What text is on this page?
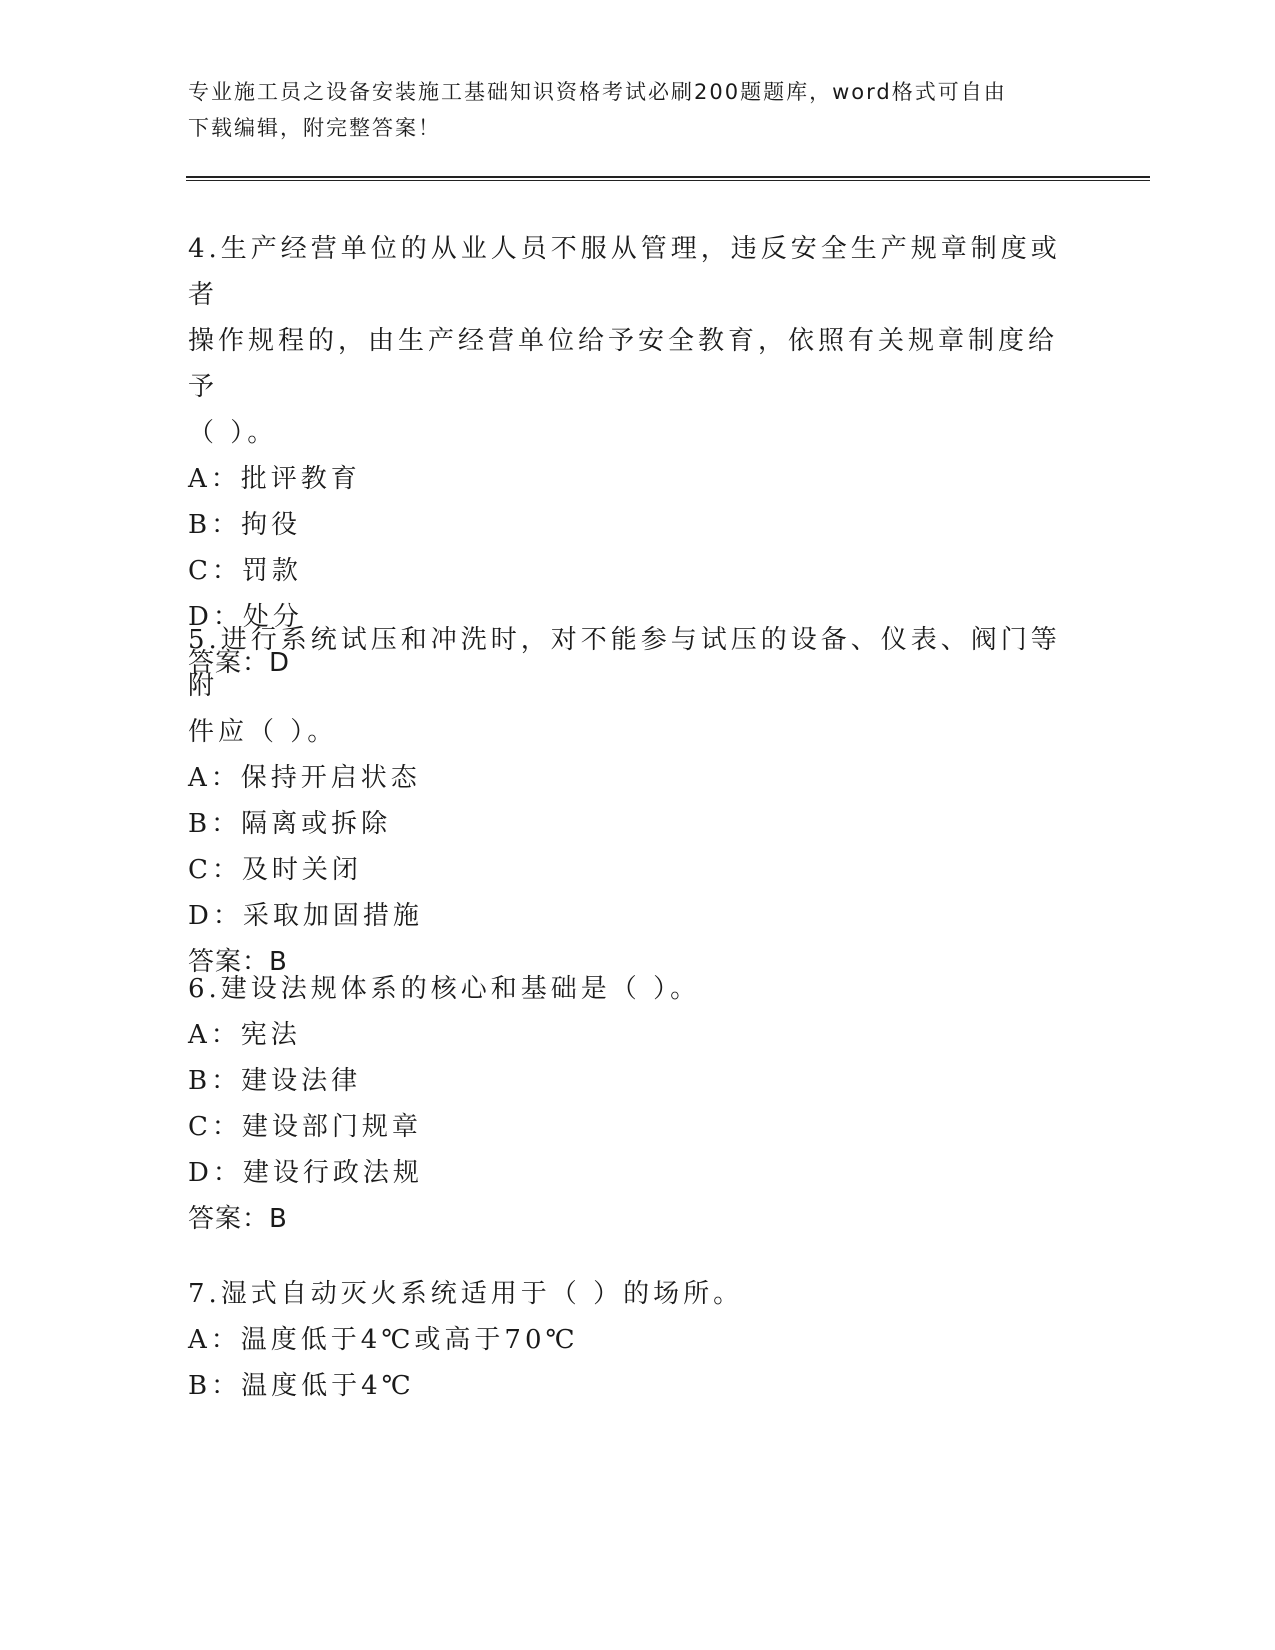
专业施工员之设备安装施工基础知识资格考试必刷200题题库，word格式可自由
下载编辑，附完整答案！
4.生产经营单位的从业人员不服从管理，违反安全生产规章制度或者
操作规程的，由生产经营单位给予安全教育，依照有关规章制度给予
（ ）。
A：批评教育
B：拘役
C：罚款
D：处分
答案：D
5.进行系统试压和冲洗时，对不能参与试压的设备、仪表、阀门等附
件应（ ）。
A：保持开启状态
B：隔离或拆除
C：及时关闭
D：采取加固措施
答案：B
6.建设法规体系的核心和基础是（ ）。
A：宪法
B：建设法律
C：建设部门规章
D：建设行政法规
答案：B
7.湿式自动灭火系统适用于（ ）的场所。
A：温度低于4℃或高于70℃
B：温度低于4℃
